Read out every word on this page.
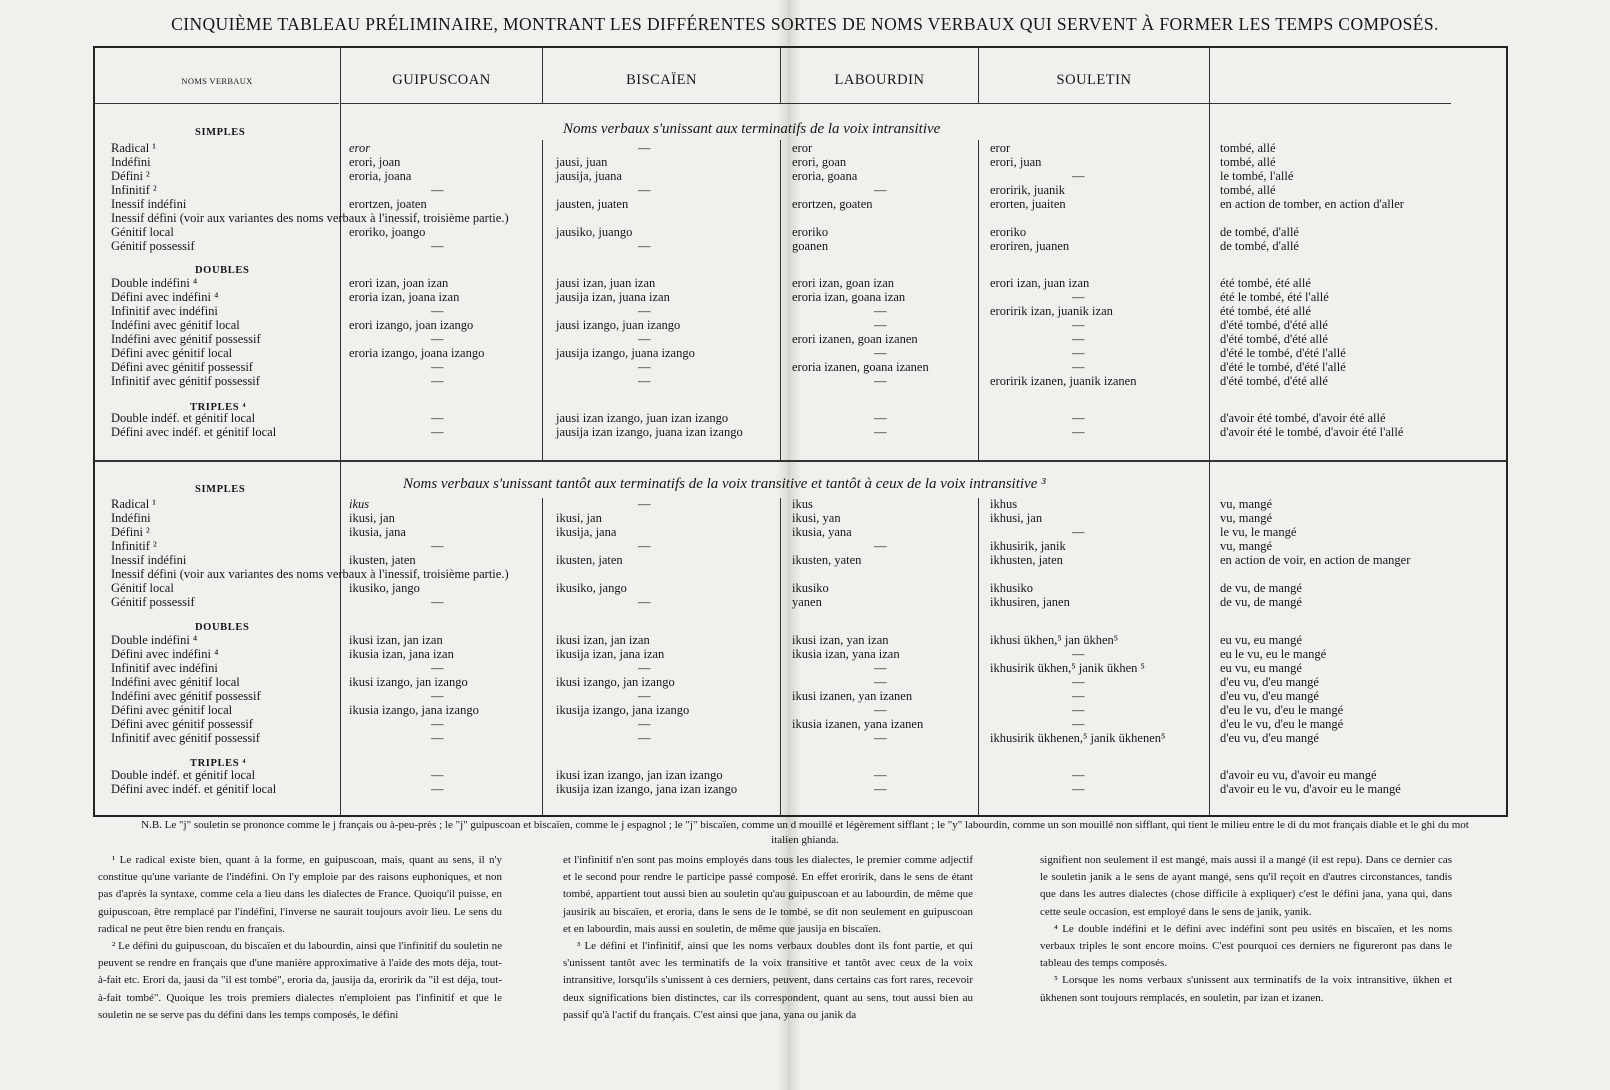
CINQUIÈME TABLEAU PRÉLIMINAIRE, MONTRANT LES DIFFÉRENTES SORTES DE NOMS VERBAUX QUI SERVENT À FORMER LES TEMPS COMPOSÉS.
NOMS VERBAUX	GUIPUSCOAN	BISCAÏEN	LABOURDIN	SOULETIN
Noms verbaux s'unissant aux terminatifs de la voix intransitive
Noms verbaux s'unissant tantôt aux terminatifs de la voix transitive et tantôt à ceux de la voix intransitive ³
SIMPLES
DOUBLES
TRIPLES ⁴
SIMPLES
DOUBLES
TRIPLES ⁴
Radical ¹	eror	—	eror	eror	tombé, allé
Indéfini	erori, joan	jausi, juan	erori, goan	erori, juan	tombé, allé
Défini ²	eroria, joana	jausija, juana	eroria, goana	—	le tombé, l'allé
Infinitif ²	—	—	—	eroririk, juanik	tombé, allé
Inessif indéfini	erortzen, joaten	jausten, juaten	erortzen, goaten	erorten, juaiten	en action de tomber, en action d'aller
Inessif défini (voir aux variantes des noms verbaux à l'inessif, troisième partie.)
Génitif local	eroriko, joango	jausiko, juango	eroriko	eroriko	de tombé, d'allé
Génitif possessif	—	—	goanen	eroriren, juanen	de tombé, d'allé
Double indéfini ⁴	erori izan, joan izan	jausi izan, juan izan	erori izan, goan izan	erori izan, juan izan	été tombé, été allé
Défini avec indéfini ⁴	eroria izan, joana izan	jausija izan, juana izan	eroria izan, goana izan	—	été le tombé, été l'allé
Infinitif avec indéfini	—	—	—	eroririk izan, juanik izan	été tombé, été allé
Indéfini avec génitif local	erori izango, joan izango	jausi izango, juan izango	—	—	d'été tombé, d'été allé
Indéfini avec génitif possessif	—	—	erori izanen, goan izanen	—	d'été tombé, d'été allé
Défini avec génitif local	eroria izango, joana izango	jausija izango, juana izango	—	—	d'été le tombé, d'été l'allé
Défini avec génitif possessif	—	—	eroria izanen, goana izanen	—	d'été le tombé, d'été l'allé
Infinitif avec génitif possessif	—	—	—	eroririk izanen, juanik izanen	d'été tombé, d'été allé
Double indéf. et génitif local	—	jausi izan izango, juan izan izango	—	—	d'avoir été tombé, d'avoir été allé
Défini avec indéf. et génitif local	—	jausija izan izango, juana izan izango	—	—	d'avoir été le tombé, d'avoir été l'allé
Radical ¹	ikus	—	ikus	ikhus	vu, mangé
Indéfini	ikusi, jan	ikusi, jan	ikusi, yan	ikhusi, jan	vu, mangé
Défini ²	ikusia, jana	ikusija, jana	ikusia, yana	—	le vu, le mangé
Infinitif ²	—	—	—	ikhusirik, janik	vu, mangé
Inessif indéfini	ikusten, jaten	ikusten, jaten	ikusten, yaten	ikhusten, jaten	en action de voir, en action de manger
Inessif défini (voir aux variantes des noms verbaux à l'inessif, troisième partie.)
Génitif local	ikusiko, jango	ikusiko, jango	ikusiko	ikhusiko	de vu, de mangé
Génitif possessif	—	—	yanen	ikhusiren, janen	de vu, de mangé
Double indéfini ⁴	ikusi izan, jan izan	ikusi izan, jan izan	ikusi izan, yan izan	ikhusi ükhen,⁵ jan ükhen⁵	eu vu, eu mangé
Défini avec indéfini ⁴	ikusia izan, jana izan	ikusija izan, jana izan	ikusia izan, yana izan	—	eu le vu, eu le mangé
Infinitif avec indéfini	—	—	—	ikhusirik ükhen,⁵ janik ükhen ⁵	eu vu, eu mangé
Indéfini avec génitif local	ikusi izango, jan izango	ikusi izango, jan izango	—	—	d'eu vu, d'eu mangé
Indéfini avec génitif possessif	—	—	ikusi izanen, yan izanen	—	d'eu vu, d'eu mangé
Défini avec génitif local	ikusia izango, jana izango	ikusija izango, jana izango	—	—	d'eu le vu, d'eu le mangé
Défini avec génitif possessif	—	—	ikusia izanen, yana izanen	—	d'eu le vu, d'eu le mangé
Infinitif avec génitif possessif	—	—	—	ikhusirik ükhenen,⁵ janik ükhenen⁵	d'eu vu, d'eu mangé
Double indéf. et génitif local	—	ikusi izan izango, jan izan izango	—	—	d'avoir eu vu, d'avoir eu mangé
Défini avec indéf. et génitif local	—	ikusija izan izango, jana izan izango	—	—	d'avoir eu le vu, d'avoir eu le mangé
N.B. Le "j" souletin se prononce comme le j français ou à-peu-près ; le "j" guipuscoan et biscaïen, comme le j espagnol ; le "j" biscaïen, comme un d mouillé et légèrement sifflant ; le "y" labourdin, comme un son mouillé non sifflant, qui tient le milieu entre le di du mot français diable et le ghi du mot italien ghianda.

¹ Le radical existe bien, quant à la forme, en guipuscoan, mais, quant au sens, il n'y constitue qu'une variante de l'indéfini. On l'y emploie par des raisons euphoniques, et non pas d'après la syntaxe, comme cela a lieu dans les dialectes de France. Quoiqu'il puisse, en guipuscoan, être remplacé par l'indéfini, l'inverse ne saurait toujours avoir lieu. Le sens du radical ne peut être bien rendu en français.

² Le défini du guipuscoan, du biscaïen et du labourdin, ainsi que l'infinitif du souletin ne peuvent se rendre en français que d'une manière approximative à l'aide des mots déja, tout-à-fait etc. Erori da, jausi da "il est tombé", eroria da, jausija da, eroririk da "il est déja, tout-à-fait tombé". Quoique les trois premiers dialectes n'emploient pas l'infinitif et que le souletin ne se serve pas du défini dans les temps composés, le défini

et l'infinitif n'en sont pas moins employés dans tous les dialectes, le premier comme adjectif et le second pour rendre le participe passé composé. En effet eroririk, dans le sens de étant tombé, appartient tout aussi bien au souletin qu'au guipuscoan et au labourdin, de même que jausirik au biscaïen, et eroria, dans le sens de le tombé, se dit non seulement en guipuscoan et en labourdin, mais aussi en souletin, de même que jausija en biscaïen.

³ Le défini et l'infinitif, ainsi que les noms verbaux doubles dont ils font partie, et qui s'unissent tantôt avec les terminatifs de la voix transitive et tantôt avec ceux de la voix intransitive, lorsqu'ils s'unissent à ces derniers, peuvent, dans certains cas fort rares, recevoir deux significations bien distinctes, car ils correspondent, quant au sens, tout aussi bien au passif qu'à l'actif du français. C'est ainsi que jana, yana ou janik da

signifient non seulement il est mangé, mais aussi il a mangé (il est repu). Dans ce dernier cas le souletin janik a le sens de ayant mangé, sens qu'il reçoit en d'autres circonstances, tandis que dans les autres dialectes (chose difficile à expliquer) c'est le défini jana, yana qui, dans cette seule occasion, est employé dans le sens de janik, yanik.

⁴ Le double indéfini et le défini avec indéfini sont peu usités en biscaïen, et les noms verbaux triples le sont encore moins. C'est pourquoi ces derniers ne figureront pas dans le tableau des temps composés.

⁵ Lorsque les noms verbaux s'unissent aux terminatifs de la voix intransitive, ükhen et ükhenen sont toujours remplacés, en souletin, par izan et izanen.
